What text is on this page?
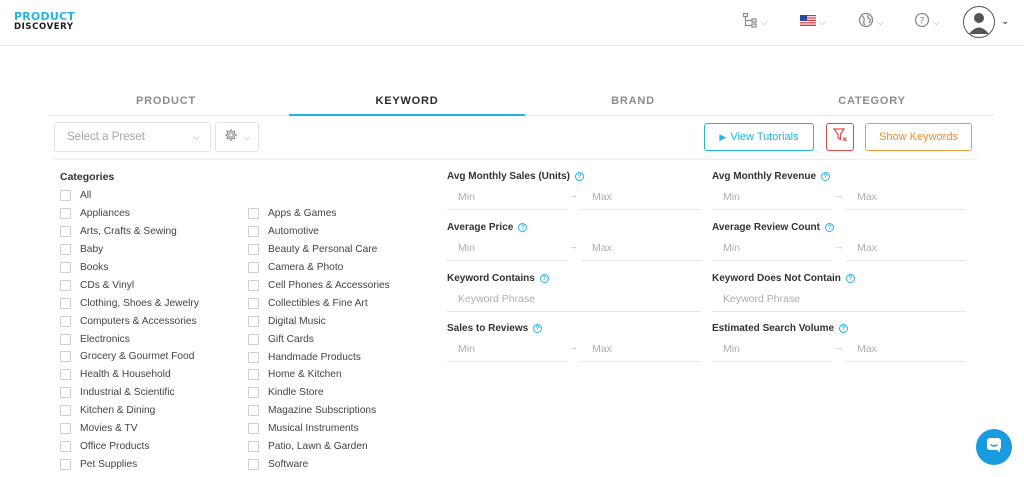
PRODUCT
DISCOVERY
⌵	⌵	⌵	? ⌵	⌄
PRODUCT	KEYWORD	BRAND	CATEGORY
Select a Preset	⌵	⌵	▶ View Tutorials	Show Keywords
Categories
All
Appliances
Arts, Crafts & Sewing
Baby
Books
CDs & Vinyl
Clothing, Shoes & Jewelry
Computers & Accessories
Electronics
Grocery & Gourmet Food
Health & Household
Industrial & Scientific
Kitchen & Dining
Movies & TV
Office Products
Pet Supplies
Apps & Games
Automotive
Beauty & Personal Care
Camera & Photo
Cell Phones & Accessories
Collectibles & Fine Art
Digital Music
Gift Cards
Handmade Products
Home & Kitchen
Kindle Store
Magazine Subscriptions
Musical Instruments
Patio, Lawn & Garden
Software
Avg Monthly Sales (Units)	?
Min	→	Max
Avg Monthly Revenue	?
Min	→	Max
Average Price	?
Min	→	Max
Average Review Count	?
Min	→	Max
Keyword Contains	?
Keyword Phrase
Keyword Does Not Contain	?
Keyword Phrase
Sales to Reviews	?
Min	→	Max
Estimated Search Volume	?
Min	→	Max
